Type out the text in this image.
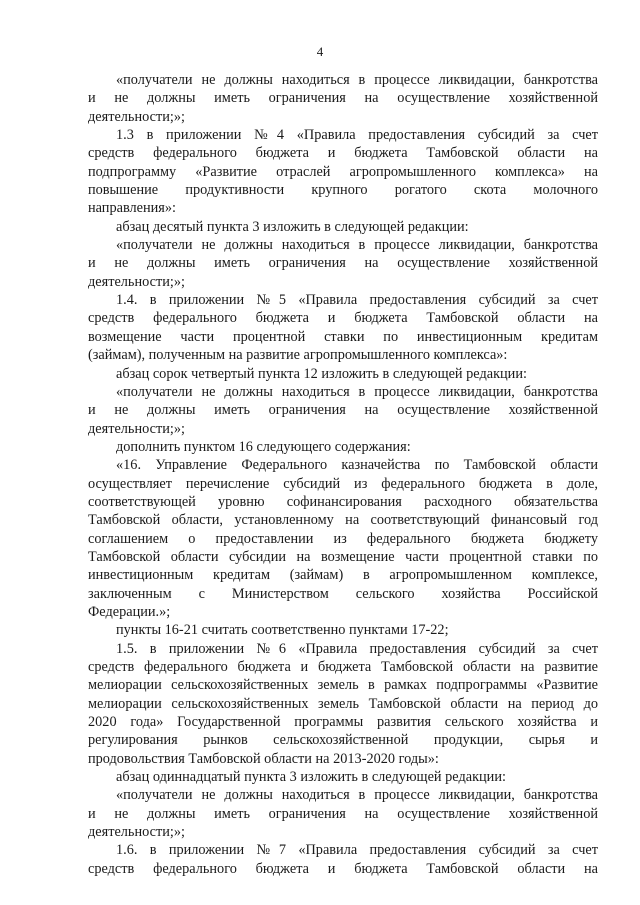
4
«получатели не должны находиться в процессе ликвидации, банкротства
и не должны иметь ограничения на осуществление хозяйственной
деятельности;»;
1.3 в приложении №4 «Правила предоставления субсидий за счет
средств федерального бюджета и бюджета Тамбовской области на
подпрограмму «Развитие отраслей агропромышленного комплекса» на
повышение продуктивности крупного рогатого скота молочного
направления»:
абзац десятый пункта 3 изложить в следующей редакции:
«получатели не должны находиться в процессе ликвидации, банкротства
и не должны иметь ограничения на осуществление хозяйственной
деятельности;»;
1.4. в приложении №5 «Правила предоставления субсидий за счет
средств федерального бюджета и бюджета Тамбовской области на
возмещение части процентной ставки по инвестиционным кредитам
(займам), полученным на развитие агропромышленного комплекса»:
абзац сорок четвертый пункта 12 изложить в следующей редакции:
«получатели не должны находиться в процессе ликвидации, банкротства
и не должны иметь ограничения на осуществление хозяйственной
деятельности;»;
дополнить пунктом 16 следующего содержания:
«16. Управление Федерального казначейства по Тамбовской области
осуществляет перечисление субсидий из федерального бюджета в доле,
соответствующей уровню софинансирования расходного обязательства
Тамбовской области, установленному на соответствующий финансовый год
соглашением о предоставлении из федерального бюджета бюджету
Тамбовской области субсидии на возмещение части процентной ставки по
инвестиционным кредитам (займам) в агропромышленном комплексе,
заключенным с Министерством сельского хозяйства Российской
Федерации.»;
пункты 16-21 считать соответственно пунктами 17-22;
1.5. в приложении №6 «Правила предоставления субсидий за счет
средств федерального бюджета и бюджета Тамбовской области на развитие
мелиорации сельскохозяйственных земель в рамках подпрограммы «Развитие
мелиорации сельскохозяйственных земель Тамбовской области на период до
2020 года» Государственной программы развития сельского хозяйства и
регулирования рынков сельскохозяйственной продукции, сырья и
продовольствия Тамбовской области на 2013-2020 годы»:
абзац одиннадцатый пункта 3 изложить в следующей редакции:
«получатели не должны находиться в процессе ликвидации, банкротства
и не должны иметь ограничения на осуществление хозяйственной
деятельности;»;
1.6. в приложении №7 «Правила предоставления субсидий за счет
средств федерального бюджета и бюджета Тамбовской области на
